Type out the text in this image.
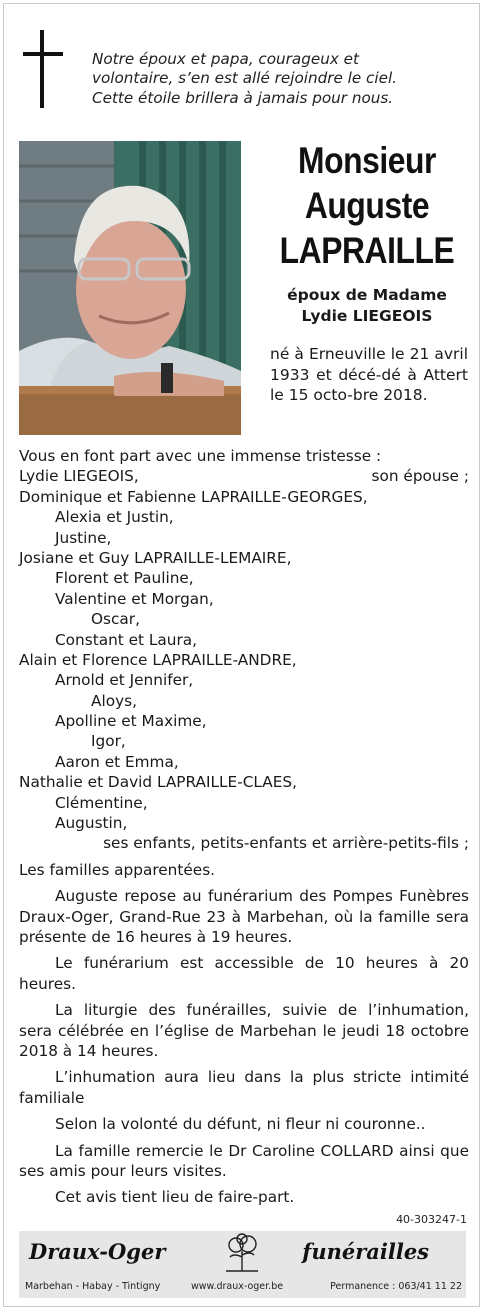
Notre époux et papa, courageux et
volontaire, s’en est allé rejoindre le ciel.
Cette étoile brillera à jamais pour nous.
Monsieur
Auguste
LAPRAILLE
époux de Madame
Lydie LIEGEOIS
né à Erneuville le 21 avril 1933 et décé-dé à Attert le 15 octo-bre 2018.
Vous en font part avec une immense tristesse :
Lydie LIEGEOIS,	son épouse ;
Dominique et Fabienne LAPRAILLE-GEORGES,
Alexia et Justin,
Justine,
Josiane et Guy LAPRAILLE-LEMAIRE,
Florent et Pauline,
Valentine et Morgan,
Oscar,
Constant et Laura,
Alain et Florence LAPRAILLE-ANDRE,
Arnold et Jennifer,
Aloys,
Apolline et Maxime,
Igor,
Aaron et Emma,
Nathalie et David LAPRAILLE-CLAES,
Clémentine,
Augustin,
ses enfants, petits-enfants et arrière-petits-fils ;
Les familles apparentées.
Auguste repose au funérarium des Pompes Funèbres Draux-Oger, Grand-Rue 23 à Marbehan, où la famille sera présente de 16 heures à 19 heures.
Le funérarium est accessible de 10 heures à 20 heures.
La liturgie des funérailles, suivie de l’inhumation, sera célébrée en l’église de Marbehan le jeudi 18 octobre 2018 à 14 heures.
L’inhumation aura lieu dans la plus stricte intimité familiale
Selon la volonté du défunt, ni fleur ni couronne..
La famille remercie le Dr Caroline COLLARD ainsi que ses amis pour leurs visites.
Cet avis tient lieu de faire-part.
40-303247-1
Draux-Oger	funérailles
Marbehan - Habay - Tintigny	www.draux-oger.be	Permanence : 063/41 11 22
